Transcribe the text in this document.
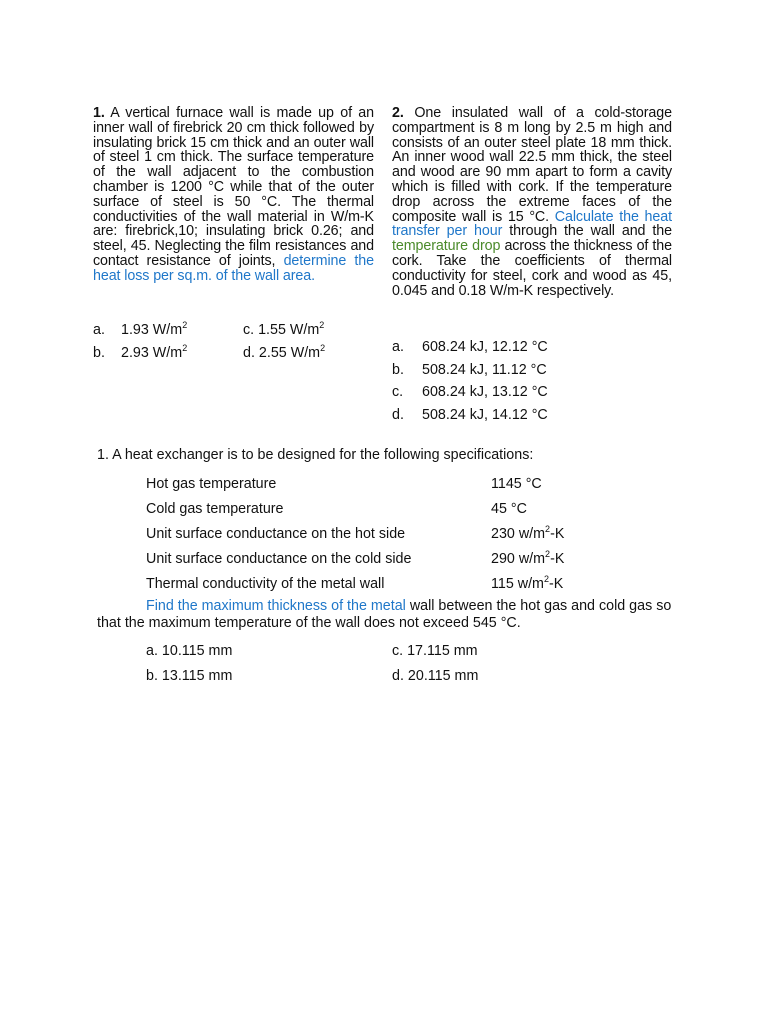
1. A vertical furnace wall is made up of an inner wall of firebrick 20 cm thick followed by insulating brick 15 cm thick and an outer wall of steel 1 cm thick. The surface temperature of the wall adjacent to the combustion chamber is 1200 °C while that of the outer surface of steel is 50 °C. The thermal conductivities of the wall material in W/m-K are: firebrick,10; insulating brick 0.26; and steel, 45. Neglecting the film resistances and contact resistance of joints, determine the heat loss per sq.m. of the wall area.
a. 1.93 $W/m^2$	c. 1.55 $W/m^2$
b. 2.93 $W/m^2$	d. 2.55 $W/m^2$
2. One insulated wall of a cold-storage compartment is 8 m long by 2.5 m high and consists of an outer steel plate 18 mm thick. An inner wood wall 22.5 mm thick, the steel and wood are 90 mm apart to form a cavity which is filled with cork. If the temperature drop across the extreme faces of the composite wall is 15 °C. Calculate the heat transfer per hour through the wall and the temperature drop across the thickness of the cork. Take the coefficients of thermal conductivity for steel, cork and wood as 45, 0.045 and 0.18 W/m-K respectively.
a. 608.24 kJ, 12.12 °C
b. 508.24 kJ, 11.12 °C
c. 608.24 kJ, 13.12 °C
d. 508.24 kJ, 14.12 °C
1. A heat exchanger is to be designed for the following specifications:
Hot gas temperature	1145 °C
Cold gas temperature	45 °C
Unit surface conductance on the hot side	230 $w/m^2-K$
Unit surface conductance on the cold side	290 $w/m^2-K$
Thermal conductivity of the metal wall	115 $w/m^2-K$
Find the maximum thickness of the metal wall between the hot gas and cold gas so that the maximum temperature of the wall does not exceed 545 °C.
a. 10.115 mm	c. 17.115 mm
b. 13.115 mm	d. 20.115 mm
